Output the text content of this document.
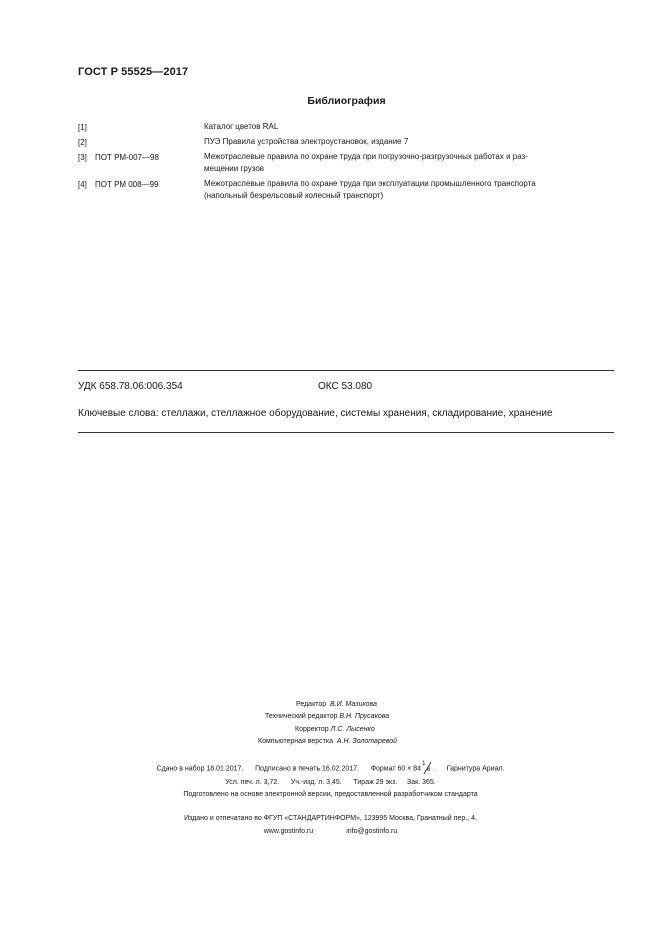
ГОСТ Р 55525—2017
Библиография
[1]	Каталог цветов RAL
[2]	ПУЭ Правила устройства электроустановок, издание 7
[3] ПОТ РМ-007—98	Межотраслевые правила по охране труда при погрузочно-разгрузочных работах и раз-
мещении грузов
[4] ПОТ РМ 008—99	Межотраслевые правила по охране труда при эксплуатации промышленного транспорта
(напольный безрельсовый колесный транспорт)
УДК 658.78.06:006.354	ОКС 53.080
Ключевые слова: стеллажи, стеллажное оборудование, системы хранения, складирование, хранение
Редактор В.И. Мазикова
Технический редактор В.Н. Прусакова
Корректор Л.С. Лысенко
Компьютерная верстка А.Н. Золотаревой
Сдано в набор 18.01.2017. Подписано в печать 16.02.2017. Формат 60 × 84
1
8 .      Гарнитура Ариал.
Усл. печ. л. 3,72. Уч.-изд. л. 3,45. Тираж 29 экз. Зак. 365.
Подготовлено на основе электронной версии, предоставленной разработчиком стандарта
Издано и отпечатано во ФГУП «СТАНДАРТИНФОРМ», 123995 Москва, Гранатный пер., 4.
www.gostinfo.ru	info@gostinfo.ru
